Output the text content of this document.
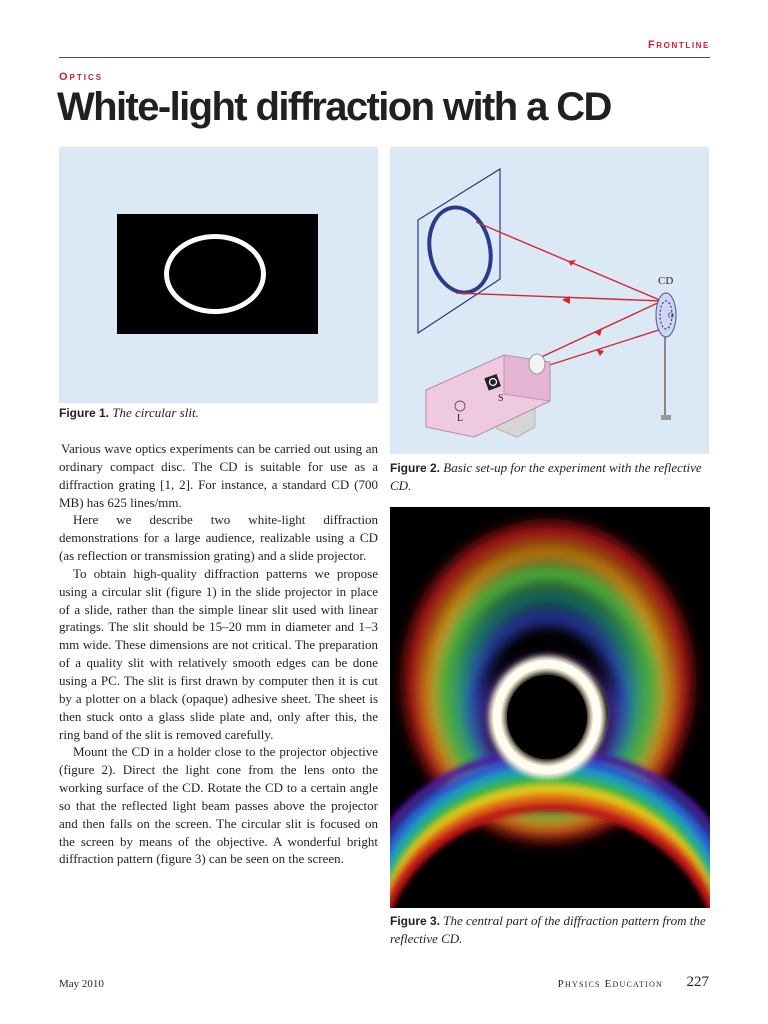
Frontline
Optics
White-light diffraction with a CD
Figure 1. The circular slit.
O
CD
L
S
Figure 2. Basic set-up for the experiment with the reflective CD.
Figure 3. The central part of the diffraction pattern from the reflective CD.

Various wave optics experiments can be carried out using an ordinary compact disc. The CD is suitable for use as a diffraction grating [1, 2]. For instance, a standard CD (700 MB) has 625 lines/mm.

Here we describe two white-light diffraction demonstrations for a large audience, realizable using a CD (as reflection or transmission grating) and a slide projector.

To obtain high-quality diffraction patterns we propose using a circular slit (figure 1) in the slide projector in place of a slide, rather than the simple linear slit used with linear gratings. The slit should be 15–20 mm in diameter and 1–3 mm wide. These dimensions are not critical. The preparation of a quality slit with relatively smooth edges can be done using a PC. The slit is first drawn by computer then it is cut by a plotter on a black (opaque) adhesive sheet. The sheet is then stuck onto a glass slide plate and, only after this, the ring band of the slit is removed carefully.

Mount the CD in a holder close to the projector objective (figure 2). Direct the light cone from the lens onto the working surface of the CD. Rotate the CD to a certain angle so that the reflected light beam passes above the projector and then falls on the screen. The circular slit is focused on the screen by means of the objective. A wonderful bright diffraction pattern (figure 3) can be seen on the screen.

May 2010	Physics Education 227
